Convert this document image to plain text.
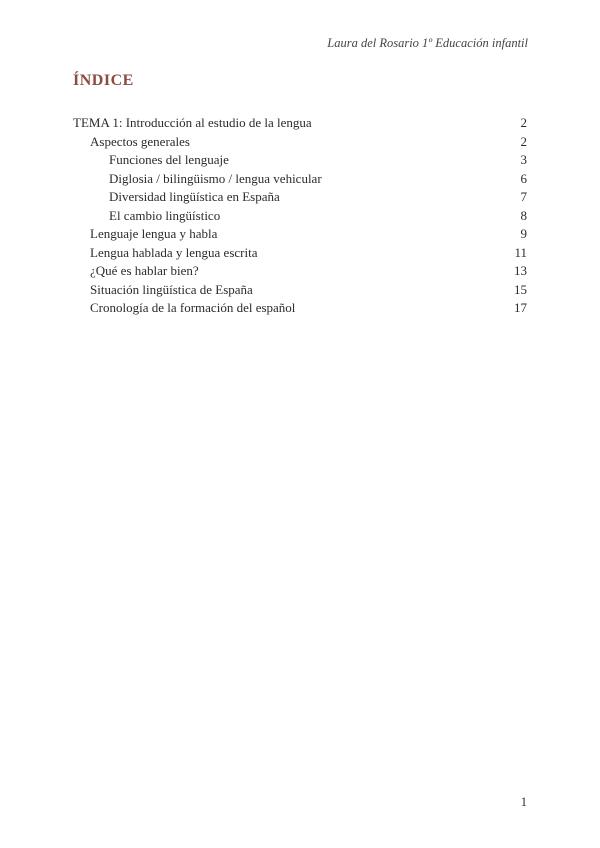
Laura del Rosario 1º Educación infantil
ÍNDICE
TEMA 1: Introducción al estudio de la lengua	2
Aspectos generales	2
Funciones del lenguaje	3
Diglosia / bilingüismo / lengua vehicular	6
Diversidad lingüística en España	7
El cambio lingüístico	8
Lenguaje lengua y habla	9
Lengua hablada y lengua escrita	11
¿Qué es hablar bien?	13
Situación lingüística de España	15
Cronología de la formación del español	17
1
